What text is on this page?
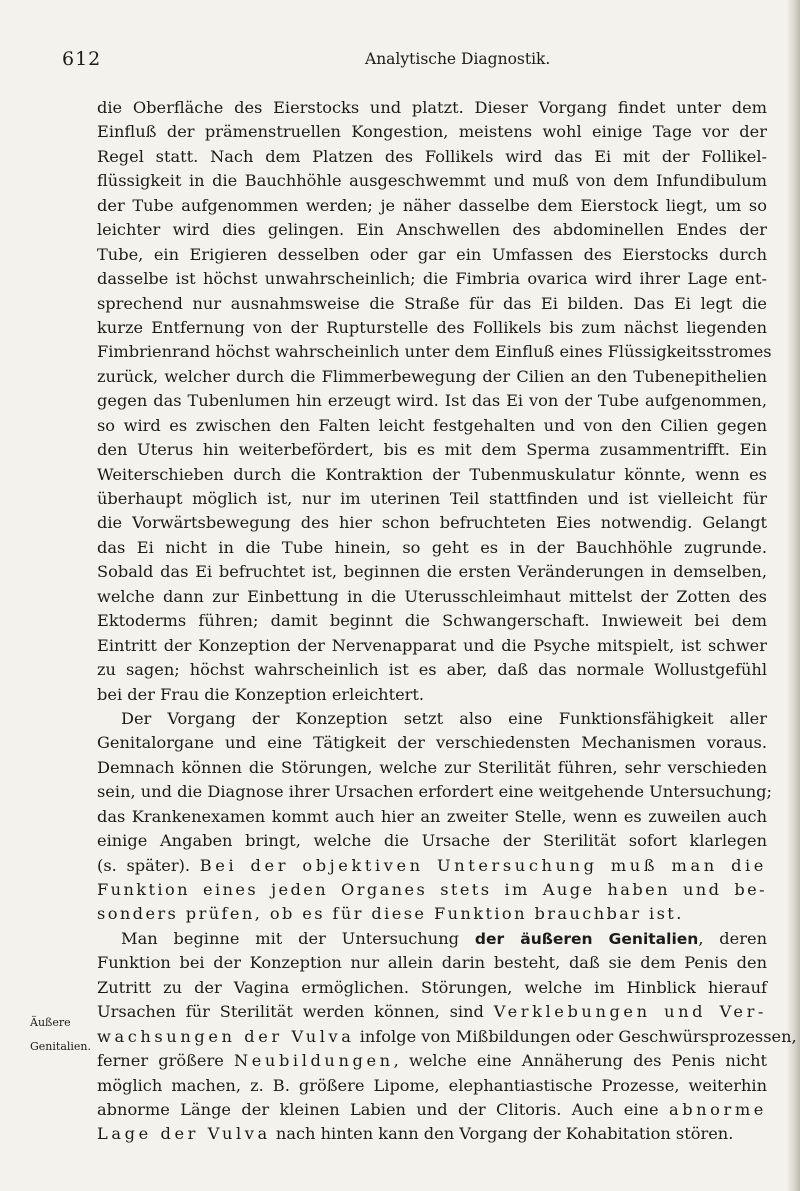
612	Analytische Diagnostik.
Äußere
Genitalien.
die Oberfläche des Eierstocks und platzt. Dieser Vorgang findet unter dem
Einfluß der prämenstruellen Kongestion, meistens wohl einige Tage vor der
Regel statt. Nach dem Platzen des Follikels wird das Ei mit der Follikel-
flüssigkeit in die Bauchhöhle ausgeschwemmt und muß von dem Infundibulum
der Tube aufgenommen werden; je näher dasselbe dem Eierstock liegt, um so
leichter wird dies gelingen. Ein Anschwellen des abdominellen Endes der
Tube, ein Erigieren desselben oder gar ein Umfassen des Eierstocks durch
dasselbe ist höchst unwahrscheinlich; die Fimbria ovarica wird ihrer Lage ent-
sprechend nur ausnahmsweise die Straße für das Ei bilden. Das Ei legt die
kurze Entfernung von der Rupturstelle des Follikels bis zum nächst liegenden
Fimbrienrand höchst wahrscheinlich unter dem Einfluß eines Flüssigkeitsstromes
zurück, welcher durch die Flimmerbewegung der Cilien an den Tubenepithelien
gegen das Tubenlumen hin erzeugt wird. Ist das Ei von der Tube aufgenommen,
so wird es zwischen den Falten leicht festgehalten und von den Cilien gegen
den Uterus hin weiterbefördert, bis es mit dem Sperma zusammentrifft. Ein
Weiterschieben durch die Kontraktion der Tubenmuskulatur könnte, wenn es
überhaupt möglich ist, nur im uterinen Teil stattfinden und ist vielleicht für
die Vorwärtsbewegung des hier schon befruchteten Eies notwendig. Gelangt
das Ei nicht in die Tube hinein, so geht es in der Bauchhöhle zugrunde.
Sobald das Ei befruchtet ist, beginnen die ersten Veränderungen in demselben,
welche dann zur Einbettung in die Uterusschleimhaut mittelst der Zotten des
Ektoderms führen; damit beginnt die Schwangerschaft. Inwieweit bei dem
Eintritt der Konzeption der Nervenapparat und die Psyche mitspielt, ist schwer
zu sagen; höchst wahrscheinlich ist es aber, daß das normale Wollustgefühl
bei der Frau die Konzeption erleichtert.
Der Vorgang der Konzeption setzt also eine Funktionsfähigkeit aller
Genitalorgane und eine Tätigkeit der verschiedensten Mechanismen voraus.
Demnach können die Störungen, welche zur Sterilität führen, sehr verschieden
sein, und die Diagnose ihrer Ursachen erfordert eine weitgehende Untersuchung;
das Krankenexamen kommt auch hier an zweiter Stelle, wenn es zuweilen auch
einige Angaben bringt, welche die Ursache der Sterilität sofort klarlegen
(s. später). Bei der objektiven Untersuchung muß man die
Funktion eines jeden Organes stets im Auge haben und be-
sonders prüfen, ob es für diese Funktion brauchbar ist.
Man beginne mit der Untersuchung der äußeren Genitalien, deren
Funktion bei der Konzeption nur allein darin besteht, daß sie dem Penis den
Zutritt zu der Vagina ermöglichen. Störungen, welche im Hinblick hierauf
Ursachen für Sterilität werden können, sind Verklebungen und Ver-
wachsungen der Vulva infolge von Mißbildungen oder Geschwürsprozessen,
ferner größere Neubildungen, welche eine Annäherung des Penis nicht
möglich machen, z. B. größere Lipome, elephantiastische Prozesse, weiterhin
abnorme Länge der kleinen Labien und der Clitoris. Auch eine abnorme
Lage der Vulva nach hinten kann den Vorgang der Kohabitation stören.
